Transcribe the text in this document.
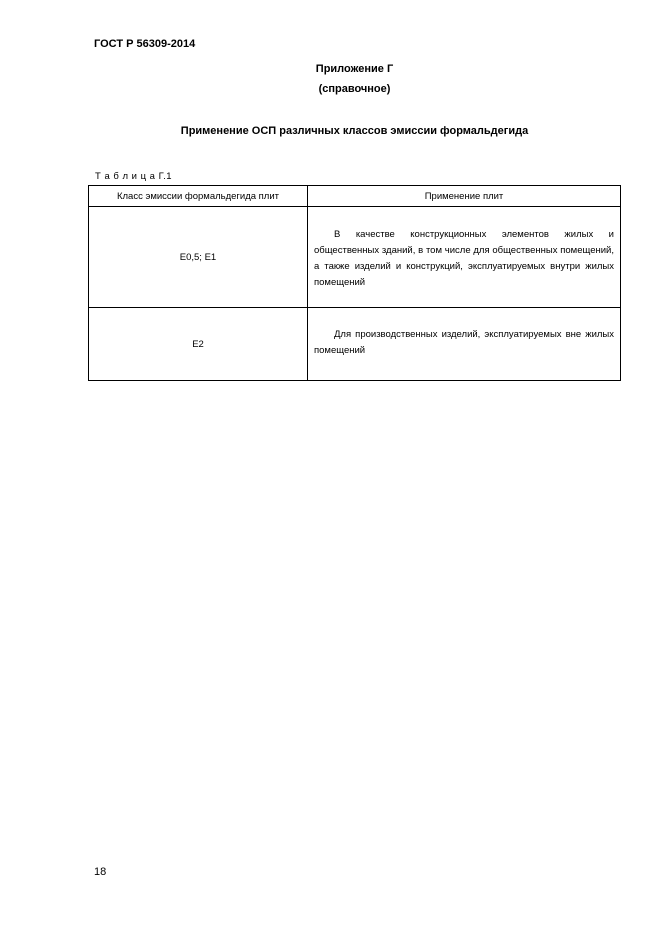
ГОСТ Р 56309-2014
Приложение Г
(справочное)
Применение ОСП различных классов эмиссии формальдегида
Т а б л и ц а Г.1
Класс эмиссии формальдегида плит	Применение плит
Е0,5; Е1	В качестве конструкционных элементов жилых и общественных зданий, в том числе для общественных помещений, а также изделий и конструкций, эксплуатируемых внутри жилых помещений

Е2	Для производственных изделий, эксплуатируемых вне жилых помещений
18
